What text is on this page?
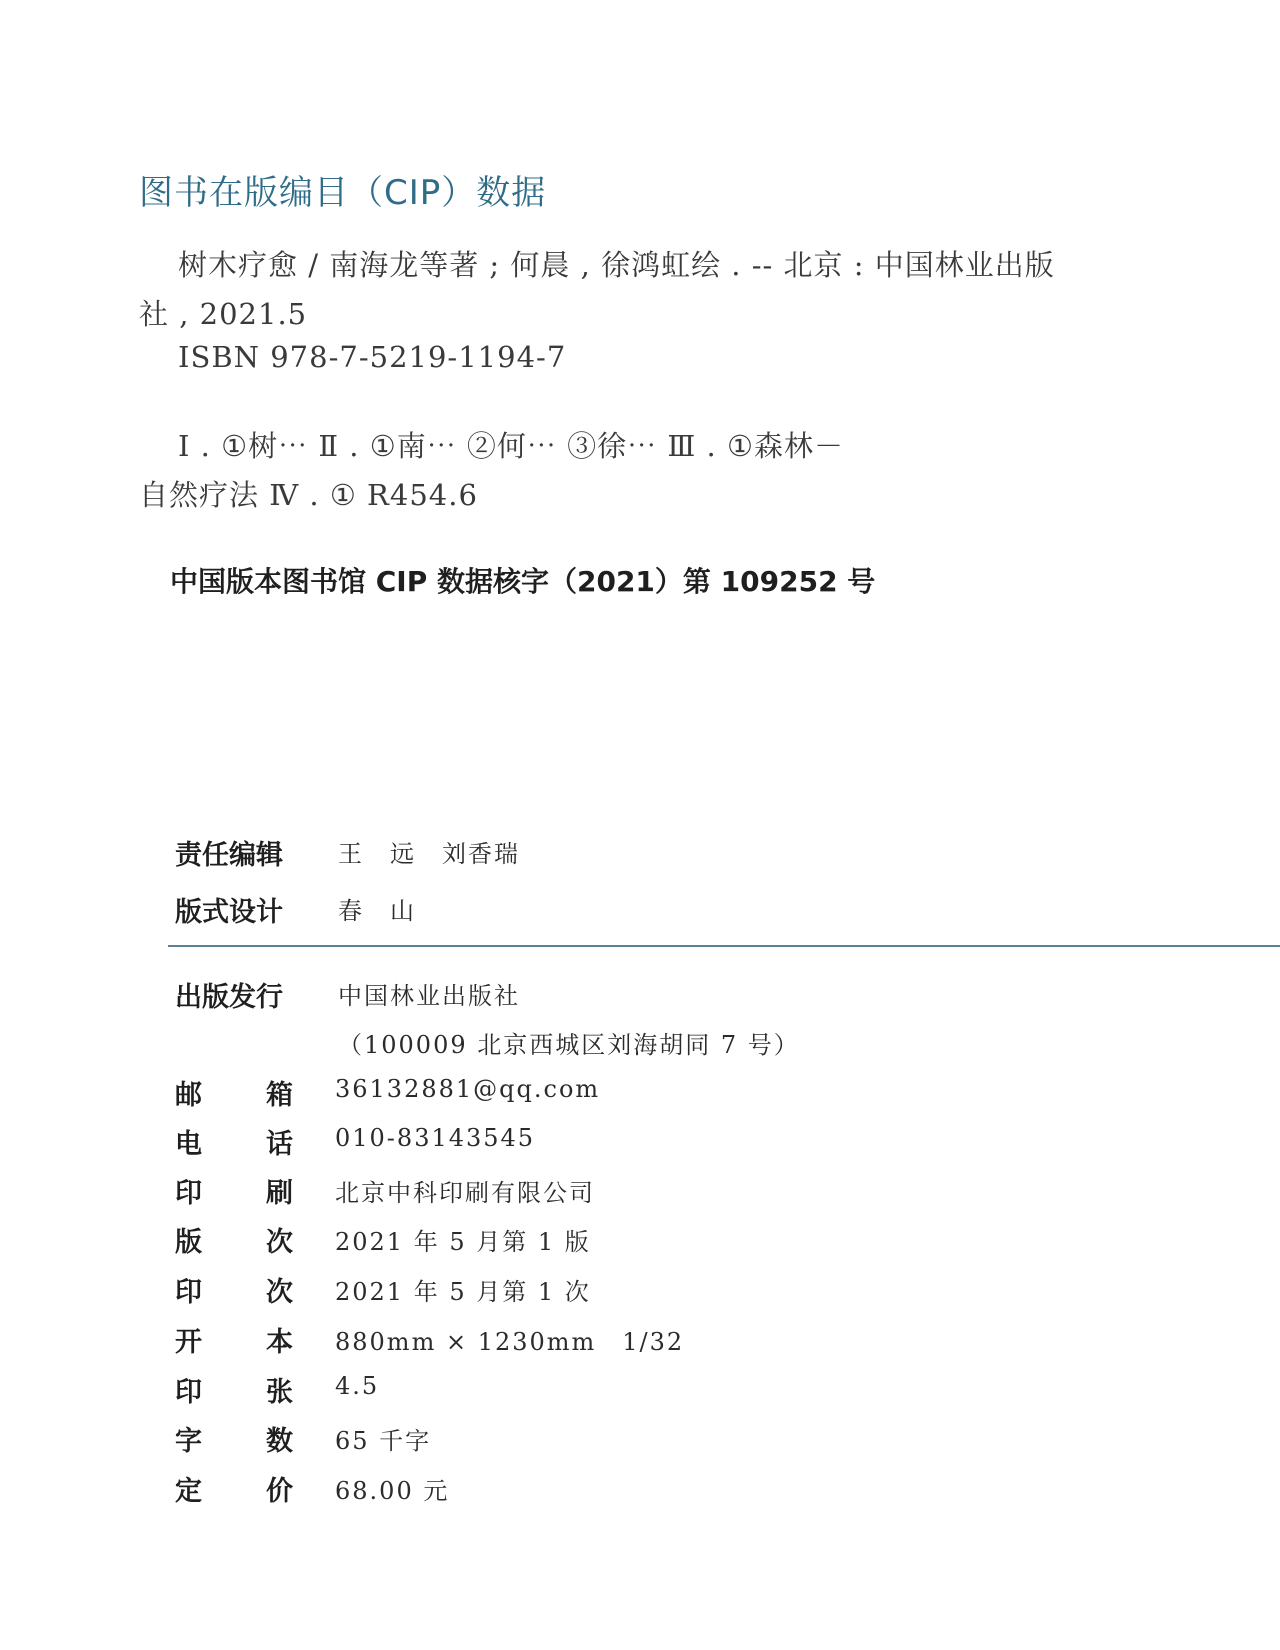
图书在版编目（CIP）数据
树木疗愈 / 南海龙等著 ; 何晨 , 徐鸿虹绘 . -- 北京 : 中国林业出版
社 , 2021.5
ISBN 978-7-5219-1194-7
Ⅰ . ①树⋯ Ⅱ . ①南⋯ ②何⋯ ③徐⋯ Ⅲ . ①森林－
自然疗法 Ⅳ . ① R454.6
中国版本图书馆 CIP 数据核字（2021）第 109252 号
责任编辑 王　远　刘香瑞
版式设计 春　山
出版发行 中国林业出版社
（100009 北京西城区刘海胡同 7 号）
邮 箱 36132881@qq.com
电 话 010-83143545
印 刷 北京中科印刷有限公司
版 次 2021 年 5 月第 1 版
印 次 2021 年 5 月第 1 次
开 本 880mm × 1230mm　1/32
印 张 4.5
字 数 65 千字
定 价 68.00 元
